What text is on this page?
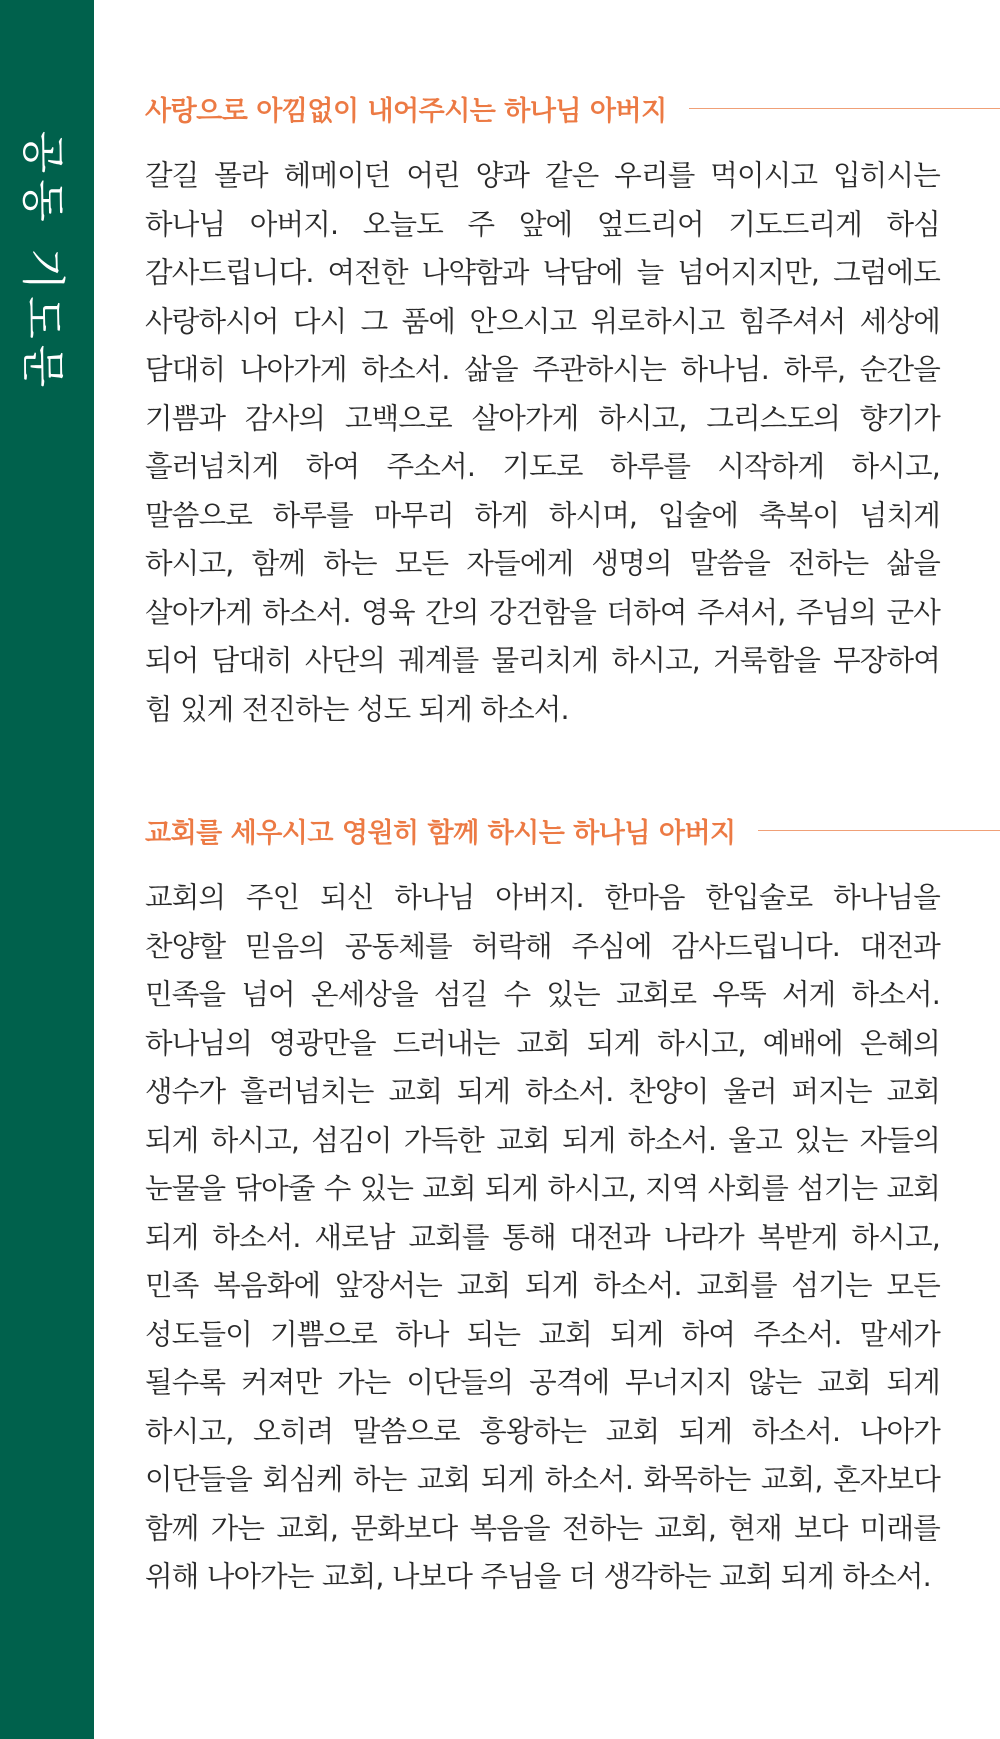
공동 기도문
사랑으로 아낌없이 내어주시는 하나님 아버지
갈길 몰라 헤메이던 어린 양과 같은 우리를 먹이시고 입히시는 하나님 아버지. 오늘도 주 앞에 엎드리어 기도드리게 하심 감사드립니다. 여전한 나약함과 낙담에 늘 넘어지지만, 그럼에도 사랑하시어 다시 그 품에 안으시고 위로하시고 힘주셔서 세상에 담대히 나아가게 하소서. 삶을 주관하시는 하나님. 하루, 순간을 기쁨과 감사의 고백으로 살아가게 하시고, 그리스도의 향기가 흘러넘치게 하여 주소서. 기도로 하루를 시작하게 하시고, 말씀으로 하루를 마무리 하게 하시며, 입술에 축복이 넘치게 하시고, 함께 하는 모든 자들에게 생명의 말씀을 전하는 삶을 살아가게 하소서. 영육 간의 강건함을 더하여 주셔서, 주님의 군사 되어 담대히 사단의 궤계를 물리치게 하시고, 거룩함을 무장하여 힘 있게 전진하는 성도 되게 하소서.
교회를 세우시고 영원히 함께 하시는 하나님 아버지
교회의 주인 되신 하나님 아버지. 한마음 한입술로 하나님을 찬양할 믿음의 공동체를 허락해 주심에 감사드립니다. 대전과 민족을 넘어 온세상을 섬길 수 있는 교회로 우뚝 서게 하소서. 하나님의 영광만을 드러내는 교회 되게 하시고, 예배에 은혜의 생수가 흘러넘치는 교회 되게 하소서. 찬양이 울러 퍼지는 교회 되게 하시고, 섬김이 가득한 교회 되게 하소서. 울고 있는 자들의 눈물을 닦아줄 수 있는 교회 되게 하시고, 지역 사회를 섬기는 교회 되게 하소서. 새로남 교회를 통해 대전과 나라가 복받게 하시고, 민족 복음화에 앞장서는 교회 되게 하소서. 교회를 섬기는 모든 성도들이 기쁨으로 하나 되는 교회 되게 하여 주소서. 말세가 될수록 커져만 가는 이단들의 공격에 무너지지 않는 교회 되게 하시고, 오히려 말씀으로 흥왕하는 교회 되게 하소서. 나아가 이단들을 회심케 하는 교회 되게 하소서. 화목하는 교회, 혼자보다 함께 가는 교회, 문화보다 복음을 전하는 교회, 현재 보다 미래를 위해 나아가는 교회, 나보다 주님을 더 생각하는 교회 되게 하소서.
